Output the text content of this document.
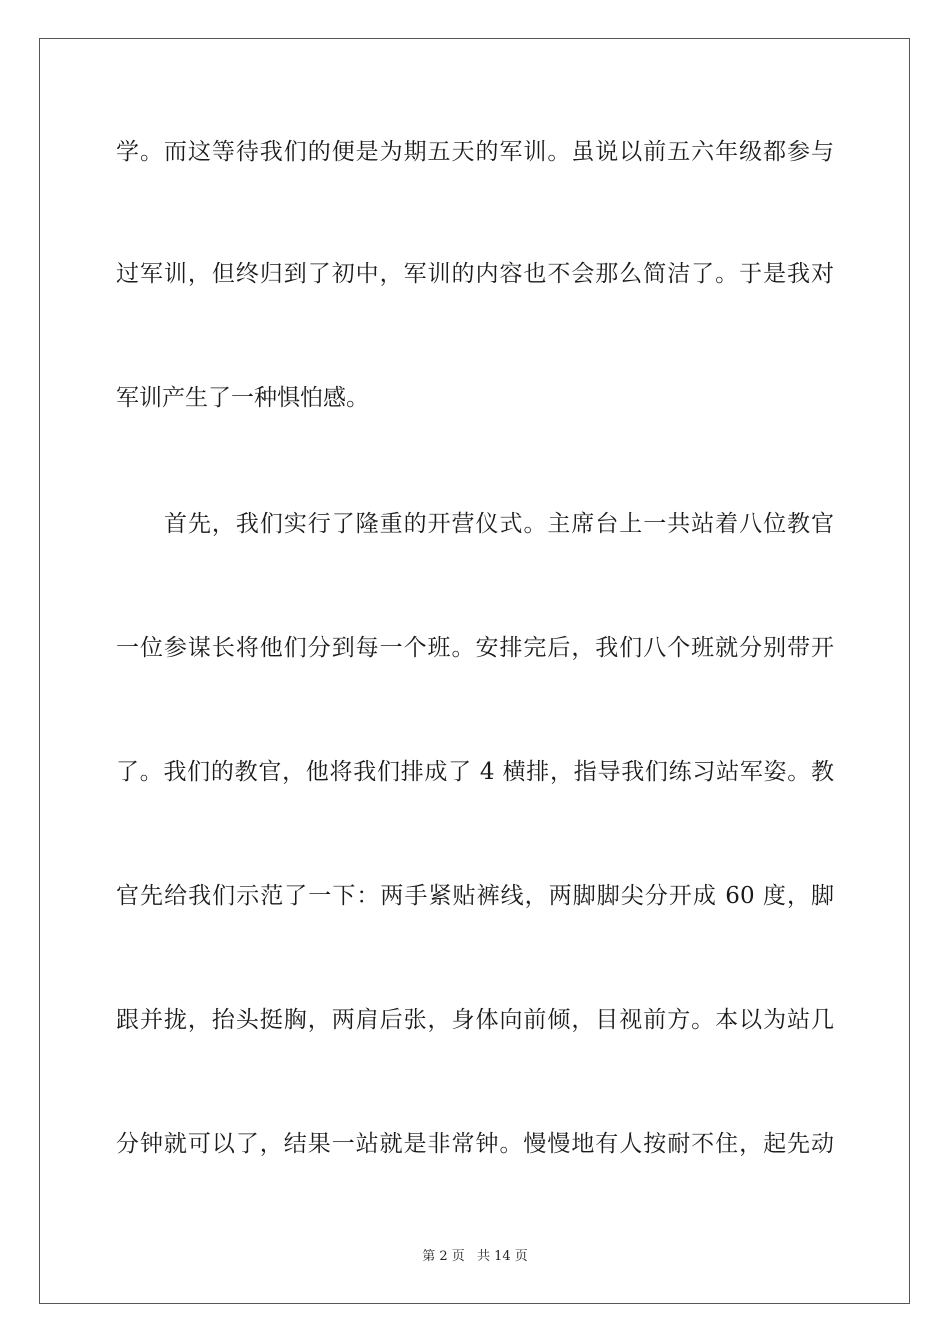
学。而这等待我们的便是为期五天的军训。虽说以前五六年级都参与
过军训，但终归到了初中，军训的内容也不会那么简洁了。于是我对
军训产生了一种惧怕感。
首先，我们实行了隆重的开营仪式。主席台上一共站着八位教官
一位参谋长将他们分到每一个班。安排完后，我们八个班就分别带开
了。我们的教官，他将我们排成了 4 横排，指导我们练习站军姿。教
官先给我们示范了一下：两手紧贴裤线，两脚脚尖分开成 60 度，脚
跟并拢，抬头挺胸，两肩后张，身体向前倾，目视前方。本以为站几
分钟就可以了，结果一站就是非常钟。慢慢地有人按耐不住，起先动
第 2 页 共 14 页
